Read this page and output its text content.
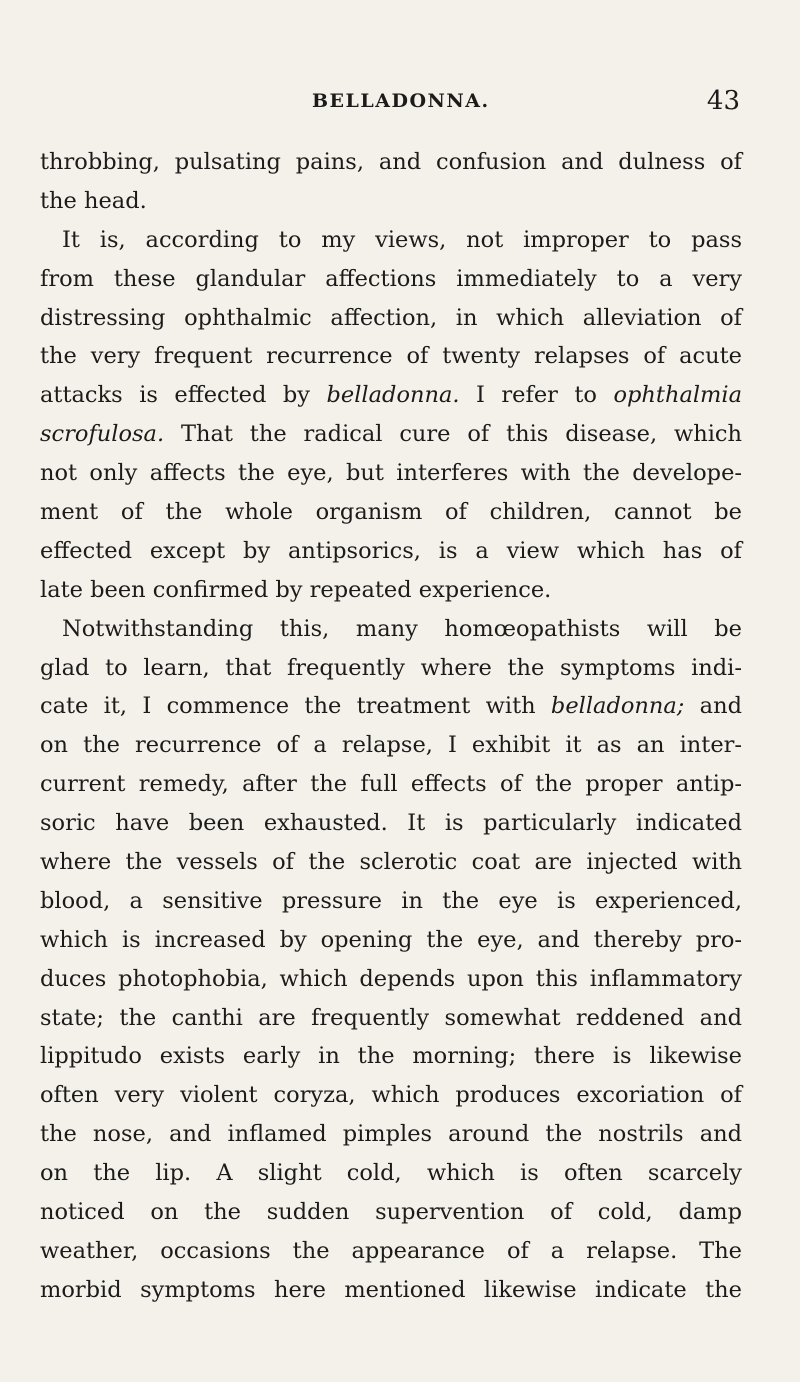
BELLADONNA.	43
throbbing, pulsating pains, and confusion and dulness of
the head.
It is, according to my views, not improper to pass
from these glandular affections immediately to a very
distressing ophthalmic affection, in which alleviation of
the very frequent recurrence of twenty relapses of acute
attacks is effected by belladonna. I refer to ophthalmia
scrofulosa. That the radical cure of this disease, which
not only affects the eye, but interferes with the develope-
ment of the whole organism of children, cannot be
effected except by antipsorics, is a view which has of
late been confirmed by repeated experience.
Notwithstanding this, many homœopathists will be
glad to learn, that frequently where the symptoms indi-
cate it, I commence the treatment with belladonna; and
on the recurrence of a relapse, I exhibit it as an inter-
current remedy, after the full effects of the proper antip-
soric have been exhausted. It is particularly indicated
where the vessels of the sclerotic coat are injected with
blood, a sensitive pressure in the eye is experienced,
which is increased by opening the eye, and thereby pro-
duces photophobia, which depends upon this inflammatory
state; the canthi are frequently somewhat reddened and
lippitudo exists early in the morning; there is likewise
often very violent coryza, which produces excoriation of
the nose, and inflamed pimples around the nostrils and
on the lip. A slight cold, which is often scarcely
noticed on the sudden supervention of cold, damp
weather, occasions the appearance of a relapse. The
morbid symptoms here mentioned likewise indicate the
